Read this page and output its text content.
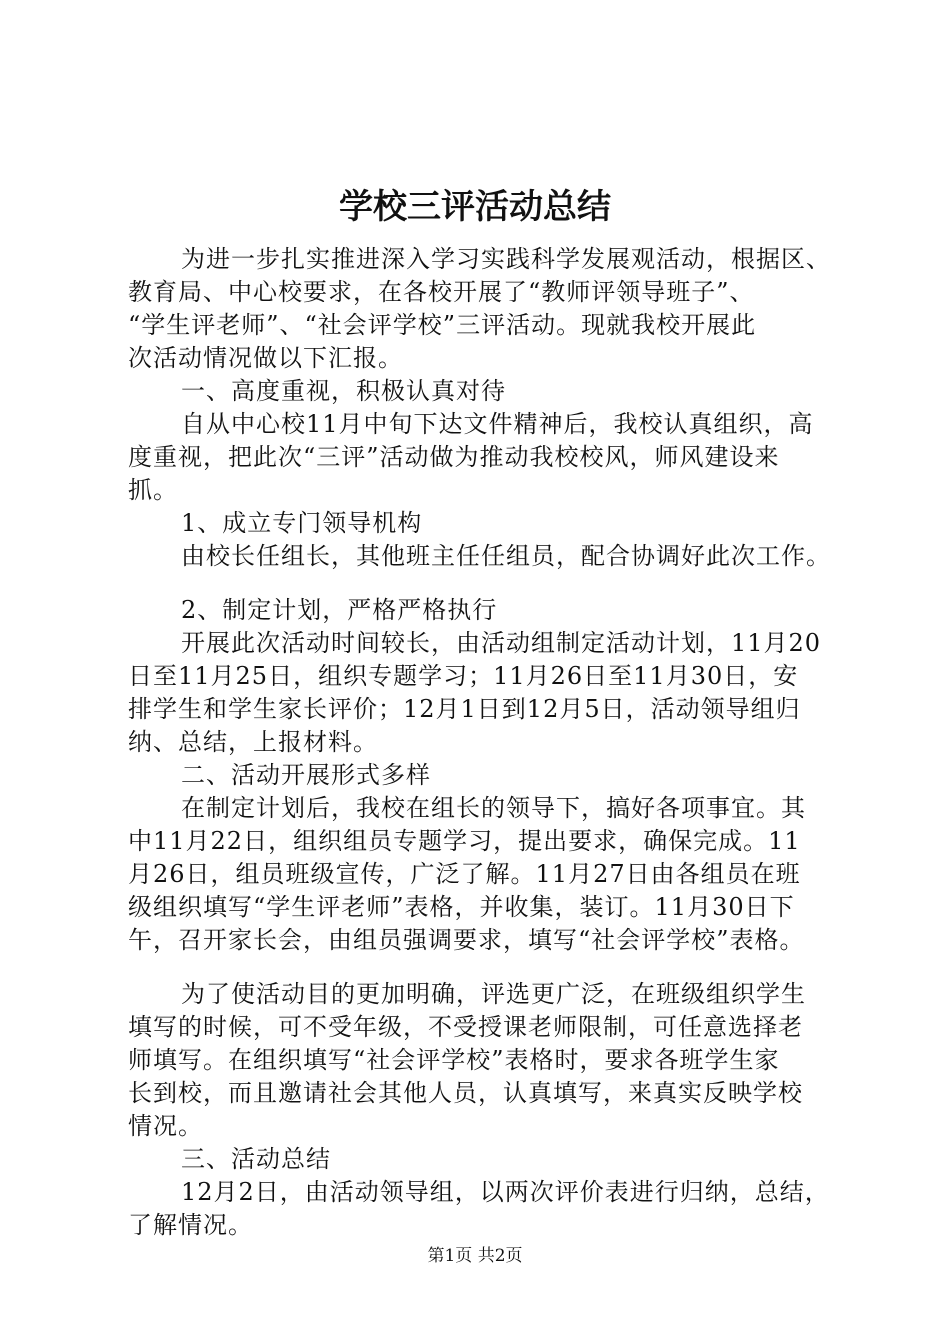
学校三评活动总结
为进一步扎实推进深入学习实践科学发展观活动，根据区、
教育局、中心校要求，在各校开展了“教师评领导班子”、
“学生评老师”、“社会评学校”三评活动。现就我校开展此
次活动情况做以下汇报。
一、高度重视，积极认真对待
自从中心校11月中旬下达文件精神后，我校认真组织，高
度重视，把此次“三评”活动做为推动我校校风，师风建设来
抓。
1、成立专门领导机构
由校长任组长，其他班主任任组员，配合协调好此次工作。
2、制定计划，严格严格执行
开展此次活动时间较长，由活动组制定活动计划，11月20
日至11月25日，组织专题学习；11月26日至11月30日，安
排学生和学生家长评价；12月1日到12月5日，活动领导组归
纳、总结，上报材料。
二、活动开展形式多样
在制定计划后，我校在组长的领导下，搞好各项事宜。其
中11月22日，组织组员专题学习，提出要求，确保完成。11
月26日，组员班级宣传，广泛了解。11月27日由各组员在班
级组织填写“学生评老师”表格，并收集，装订。11月30日下
午，召开家长会，由组员强调要求，填写“社会评学校”表格。
为了使活动目的更加明确，评选更广泛，在班级组织学生
填写的时候，可不受年级，不受授课老师限制，可任意选择老
师填写。在组织填写“社会评学校”表格时，要求各班学生家
长到校，而且邀请社会其他人员，认真填写，来真实反映学校
情况。
三、活动总结
12月2日，由活动领导组，以两次评价表进行归纳，总结，
了解情况。
第1页 共2页
